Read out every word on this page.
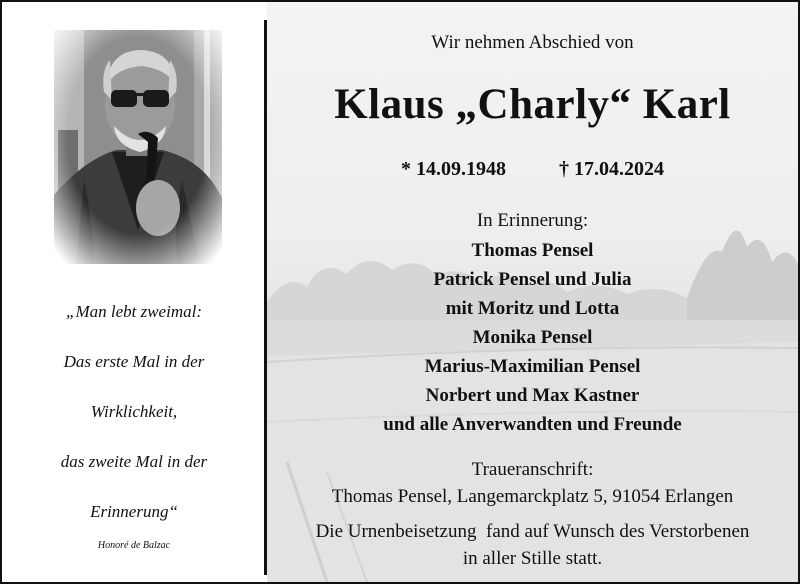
„Man lebt zweimal:
Das erste Mal in der
Wirklichkeit,
das zweite Mal in der
Erinnerung“
Honoré de Balzac
Wir nehmen Abschied von
Klaus „Charly“ Karl
* 14.09.1948	† 17.04.2024
In Erinnerung:
Thomas Pensel
Patrick Pensel und Julia
mit Moritz und Lotta
Monika Pensel
Marius-Maximilian Pensel
Norbert und Max Kastner
und alle Anverwandten und Freunde
Traueranschrift:
Thomas Pensel, Langemarckplatz 5, 91054 Erlangen
Die Urnenbeisetzung  fand auf Wunsch des Verstorbenen
in aller Stille statt.
